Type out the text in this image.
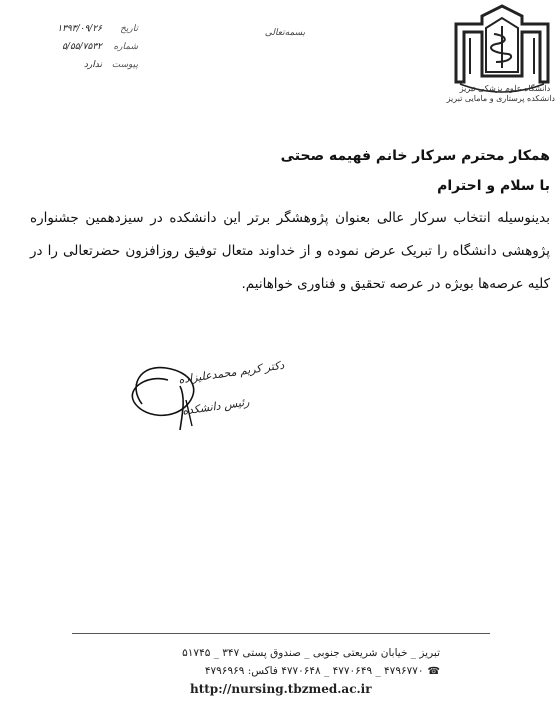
دانشگاه علوم پزشکی تبریز
دانشکده پرستاری و مامایی تبریز
بسمه‌تعالی
تاریخ
۱۳۹۳/۰۹/۲۶
شماره
۵/۵۵/۷۵۳۲
پیوست
ندارد

همکار محترم سرکار خانم فهیمه صحتی

با سلام و احترام

بدینوسیله انتخاب سرکار عالی بعنوان پژوهشگر برتر این دانشکده در سیزدهمین جشنواره پژوهشی دانشگاه را تبریک عرض نموده و از خداوند متعال توفیق روزافزون حضرتعالی را در کلیه عرصه‌ها بویژه در عرصه تحقیق و فناوری خواهانیم.

دکتر کریم محمدعلیزاده
رئیس دانشکده
تبریز _ خیابان شریعتی جنوبی _ صندوق پستی ۳۴۷ _ ۵۱۷۴۵
☎۴۷۹۶۷۷۰ _ ۴۷۷۰۶۴۹ _ ۴۷۷۰۶۴۸ فاکس: ۴۷۹۶۹۶۹
http://nursing.tbzmed.ac.ir
